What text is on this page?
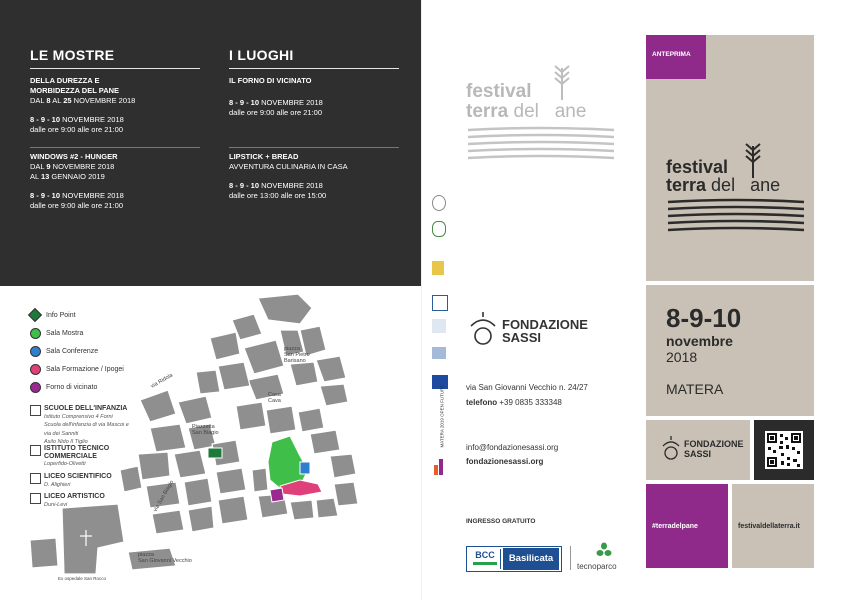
LE MOSTRE	I LUOGHI
DELLA DUREZZA E
MORBIDEZZA DEL PANE
DAL 8 AL 25 NOVEMBRE 2018
8 - 9 - 10 NOVEMBRE 2018
dalle ore 9:00 alle ore 21:00
WINDOWS #2 - HUNGER
DAL 9 NOVEMBRE 2018
AL 13 GENNAIO 2019
8 - 9 - 10 NOVEMBRE 2018
dalle ore 9:00 alle ore 21:00
IL FORNO DI VICINATO
8 - 9 - 10 NOVEMBRE 2018
dalle ore 9:00 alle ore 21:00
LIPSTICK + BREAD
AVVENTURA CULINARIA IN CASA
8 - 9 - 10 NOVEMBRE 2018
dalle ore 13:00 alle ore 15:00
Info Point
Sala Mostra
Sala Conferenze
Sala Formazione / Ipogei
Forno di vicinato
SCUOLE DELL'INFANZIA
Istituto Comprensivo 4 Forni
Scuola dell'infanzia di via Mascoi e
via dei Sanniti
Asilo Nido Il Tiglio
ISTITUTO TECNICO
COMMERCIALE
Loperfido-Olivetti
LICEO SCIENTIFICO
D. Alighieri
LICEO ARTISTICO
Duni-Levi
piazza
San Pietro
Barisano
Casa
Cava
Piazzetta
San Biagio
via Ridola
via San Biagio
piazza
San Giovanni Vecchio
Ex ospedale San Rocco
festival
terra del ane
MATERA 2019 OPEN FUTURE
FONDAZIONE
SASSI
via San Giovanni Vecchio n. 24/27
telefono +39 0835 333348
info@fondazionesassi.org
fondazionesassi.org
INGRESSO GRATUITO
BCC	Basilicata
tecnoparco
ANTEPRIMA
festival
terra del ane
8-9-10
novembre
2018
MATERA
FONDAZIONE
SASSI
#terradelpane	festivaldellaterra.it
